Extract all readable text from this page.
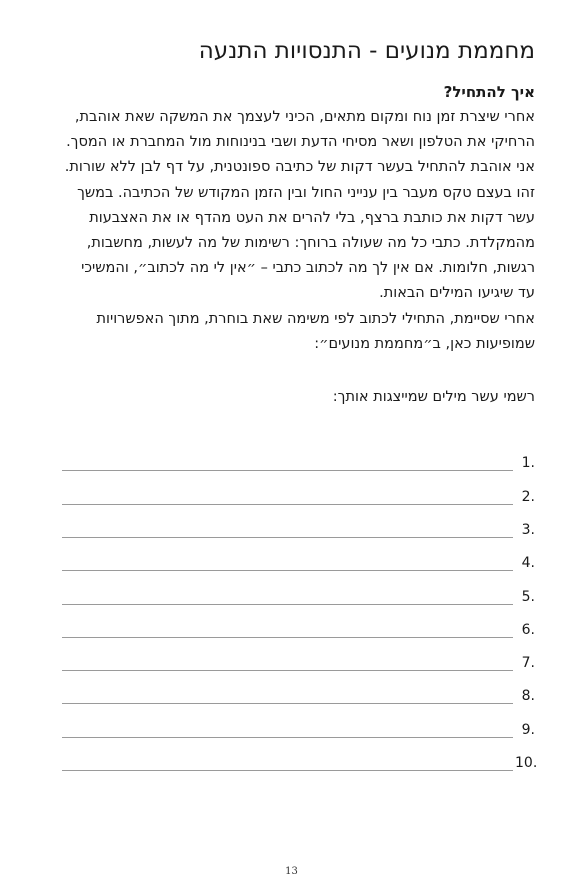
מחממת מנועים - התנסויות התנעה

איך להתחיל?

אחרי שיצרת זמן נוח ומקום מתאים, הכיני לעצמך את המשקה שאת אוהבת, הרחיקי את הטלפון ושאר מסיחי הדעת ושבי בנינוחות מול המחברת או המסך.

אני אוהבת להתחיל בעשר דקות של כתיבה ספונטנית, על דף לבן ללא שורות. זהו בעצם טקס מעבר בין ענייני החול ובין הזמן המקודש של הכתיבה. במשך עשר דקות את כותבת ברצף, בלי להרים את העט מהדף או את האצבעות מהמקלדת. כתבי כל מה שעולה ברוחך: רשימות של מה לעשות, מחשבות, רגשות, חלומות. אם אין לך מה לכתוב כתבי – ״אין לי מה לכתוב״, והמשיכי עד שיגיעו המילים הבאות.

אחרי שסיימת, התחילי לכתוב לפי משימה שאת בוחרת, מתוך האפשרויות שמופיעות כאן, ב״מחממת מנועים״:

רשמי עשר מילים שמייצגות אותך:

1.
2.
3.
4.
5.
6.
7.
8.
9.
10.
13
